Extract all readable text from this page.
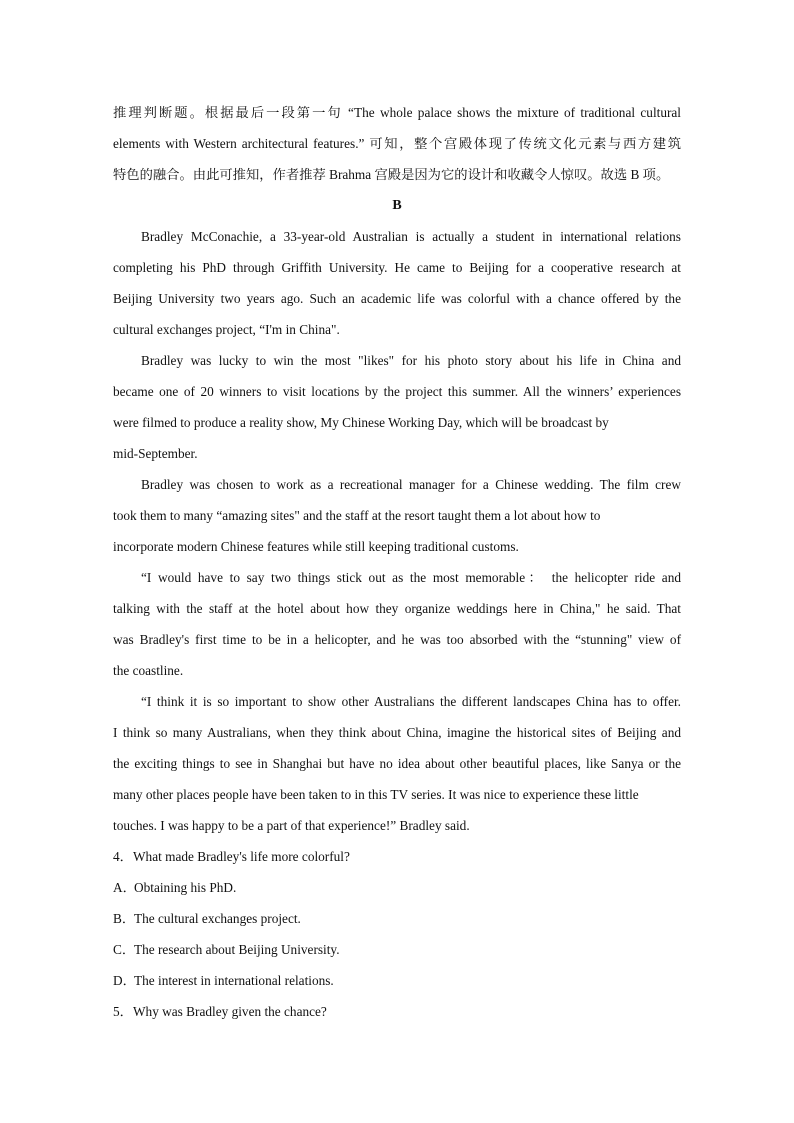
推理判断题。根据最后一段第一句 “The whole palace shows the mixture of traditional cultural
elements with Western architectural features.” 可知，整个宫殿体现了传统文化元素与西方建筑
特色的融合。由此可推知，作者推荐 Brahma 宫殿是因为它的设计和收藏令人惊叹。故选 B 项。
B
Bradley McConachie, a 33-year-old Australian is actually a student in international relations
completing his PhD through Griffith University. He came to Beijing for a cooperative research at
Beijing University two years ago. Such an academic life was colorful with a chance offered by the
cultural exchanges project, “I'm in China".
Bradley was lucky to win the most "likes" for his photo story about his life in China and
became one of 20 winners to visit locations by the project this summer. All the winners’ experiences
were filmed to produce a reality show, My Chinese Working Day, which will be broadcast by
mid-September.
Bradley was chosen to work as a recreational manager for a Chinese wedding. The film crew
took them to many “amazing sites" and the staff at the resort taught them a lot about how to
incorporate modern Chinese features while still keeping traditional customs.
“I would have to say two things stick out as the most memorable： the helicopter ride and
talking with the staff at the hotel about how they organize weddings here in China," he said. That
was Bradley's first time to be in a helicopter, and he was too absorbed with the “stunning" view of
the coastline.
“I think it is so important to show other Australians the different landscapes China has to offer.
I think so many Australians, when they think about China, imagine the historical sites of Beijing and
the exciting things to see in Shanghai but have no idea about other beautiful places, like Sanya or the
many other places people have been taken to in this TV series. It was nice to experience these little
touches. I was happy to be a part of that experience!” Bradley said.
4．What made Bradley's life more colorful?
A．Obtaining his PhD.
B．The cultural exchanges project.
C．The research about Beijing University.
D．The interest in international relations.
5．Why was Bradley given the chance?
